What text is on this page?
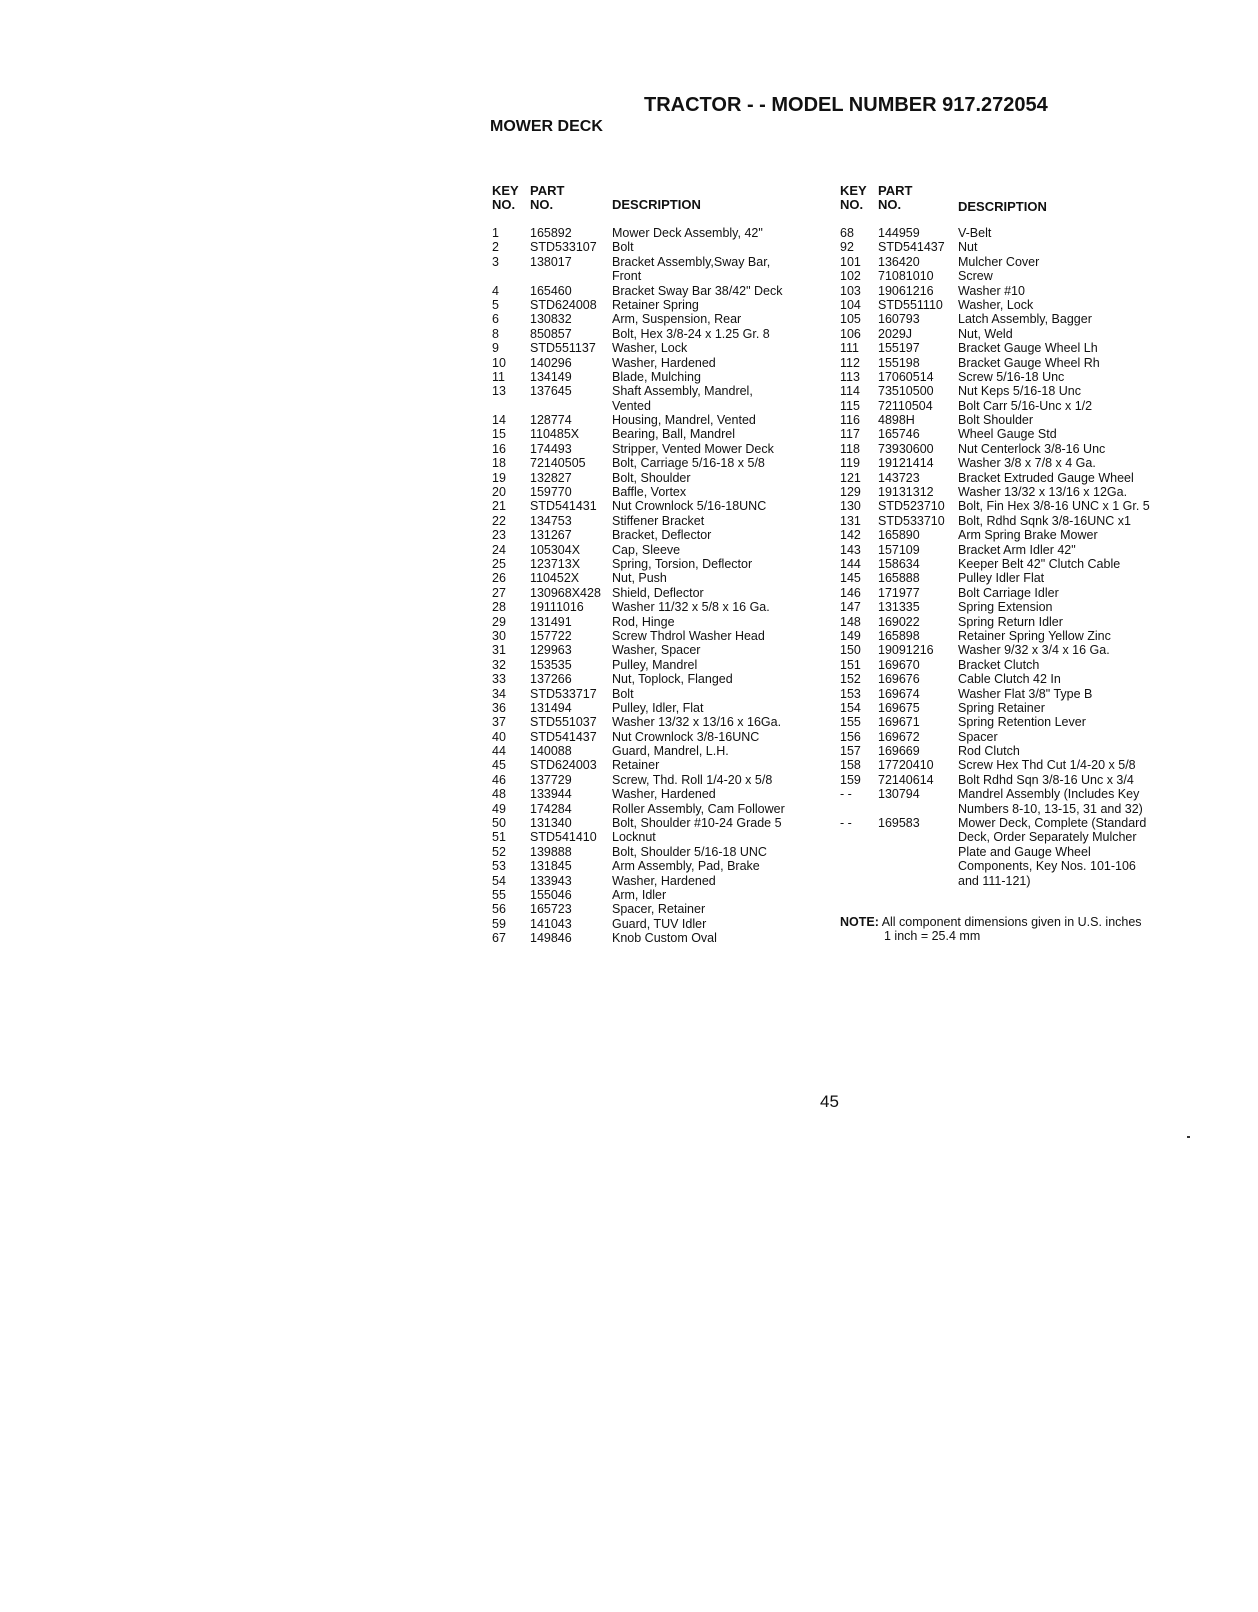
TRACTOR - - MODEL NUMBER 917.272054
MOWER DECK
KEY
NO.
PART
NO.	DESCRIPTION
1 165892	Mower Deck Assembly, 42"
2 STD533107 Bolt
3 138017	Bracket Assembly,Sway Bar,
Front
4 165460	Bracket Sway Bar 38/42" Deck
5 STD624008 Retainer Spring
6 130832	Arm, Suspension, Rear
8 850857	Bolt, Hex 3/8-24 x 1.25 Gr. 8
9 STD551137 Washer, Lock
10 140296	Washer, Hardened
11 134149	Blade, Mulching
13 137645	Shaft Assembly, Mandrel,
Vented
14 128774	Housing, Mandrel, Vented
15 110485X	Bearing, Ball, Mandrel
16 174493	Stripper, Vented Mower Deck
18 72140505 Bolt, Carriage 5/16-18 x 5/8
19 132827	Bolt, Shoulder
20 159770	Baffle, Vortex
21 STD541431 Nut Crownlock 5/16-18UNC
22 134753	Stiffener Bracket
23 131267	Bracket, Deflector
24 105304X	Cap, Sleeve
25 123713X	Spring, Torsion, Deflector
26 110452X	Nut, Push
27 130968X428 Shield, Deflector
28 19111016 Washer 11/32 x 5/8 x 16 Ga.
29 131491	Rod, Hinge
30 157722	Screw Thdrol Washer Head
31 129963	Washer, Spacer
32 153535	Pulley, Mandrel
33 137266	Nut, Toplock, Flanged
34 STD533717 Bolt
36 131494	Pulley, Idler, Flat
37 STD551037 Washer 13/32 x 13/16 x 16Ga.
40 STD541437 Nut Crownlock 3/8-16UNC
44 140088	Guard, Mandrel, L.H.
45 STD624003 Retainer
46 137729	Screw, Thd. Roll 1/4-20 x 5/8
48 133944	Washer, Hardened
49 174284	Roller Assembly, Cam Follower
50 131340	Bolt, Shoulder #10-24 Grade 5
51 STD541410 Locknut
52 139888	Bolt, Shoulder 5/16-18 UNC
53 131845	Arm Assembly, Pad, Brake
54 133943	Washer, Hardened
55 155046	Arm, Idler
56 165723	Spacer, Retainer
59 141043	Guard, TUV Idler
67 149846	Knob Custom Oval
KEY
NO.
PART
NO.	DESCRIPTION
68 144959	V-Belt
92 STD541437 Nut
101 136420	Mulcher Cover
102 71081010 Screw
103 19061216 Washer #10
104 STD551110 Washer, Lock
105 160793	Latch Assembly, Bagger
106 2029J	Nut, Weld
111 155197	Bracket Gauge Wheel Lh
112 155198	Bracket Gauge Wheel Rh
113 17060514 Screw 5/16-18 Unc
114 73510500 Nut Keps 5/16-18 Unc
115 72110504 Bolt Carr 5/16-Unc x 1/2
116 4898H	Bolt Shoulder
117 165746	Wheel Gauge Std
118 73930600 Nut Centerlock 3/8-16 Unc
119 19121414 Washer 3/8 x 7/8 x 4 Ga.
121 143723	Bracket Extruded Gauge Wheel
129 19131312 Washer 13/32 x 13/16 x 12Ga.
130 STD523710 Bolt, Fin Hex 3/8-16 UNC x 1 Gr. 5
131 STD533710 Bolt, Rdhd Sqnk 3/8-16UNC x1
142 165890	Arm Spring Brake Mower
143 157109	Bracket Arm Idler 42"
144 158634	Keeper Belt 42" Clutch Cable
145 165888	Pulley Idler Flat
146 171977	Bolt Carriage Idler
147 131335	Spring Extension
148 169022	Spring Return Idler
149 165898	Retainer Spring Yellow Zinc
150 19091216 Washer 9/32 x 3/4 x 16 Ga.
151 169670	Bracket Clutch
152 169676	Cable Clutch 42 In
153 169674	Washer Flat 3/8" Type B
154 169675	Spring Retainer
155 169671	Spring Retention Lever
156 169672	Spacer
157 169669	Rod Clutch
158 17720410 Screw Hex Thd Cut 1/4-20 x 5/8
159 72140614 Bolt Rdhd Sqn 3/8-16 Unc x 3/4
- - 130794	Mandrel Assembly (Includes Key
Numbers 8-10, 13-15, 31 and 32)
- - 169583	Mower Deck, Complete (Standard
Deck, Order Separately Mulcher
Plate and Gauge Wheel
Components, Key Nos. 101-106
and 111-121)
NOTE: All component dimensions given in U.S. inches
1 inch = 25.4 mm
45
